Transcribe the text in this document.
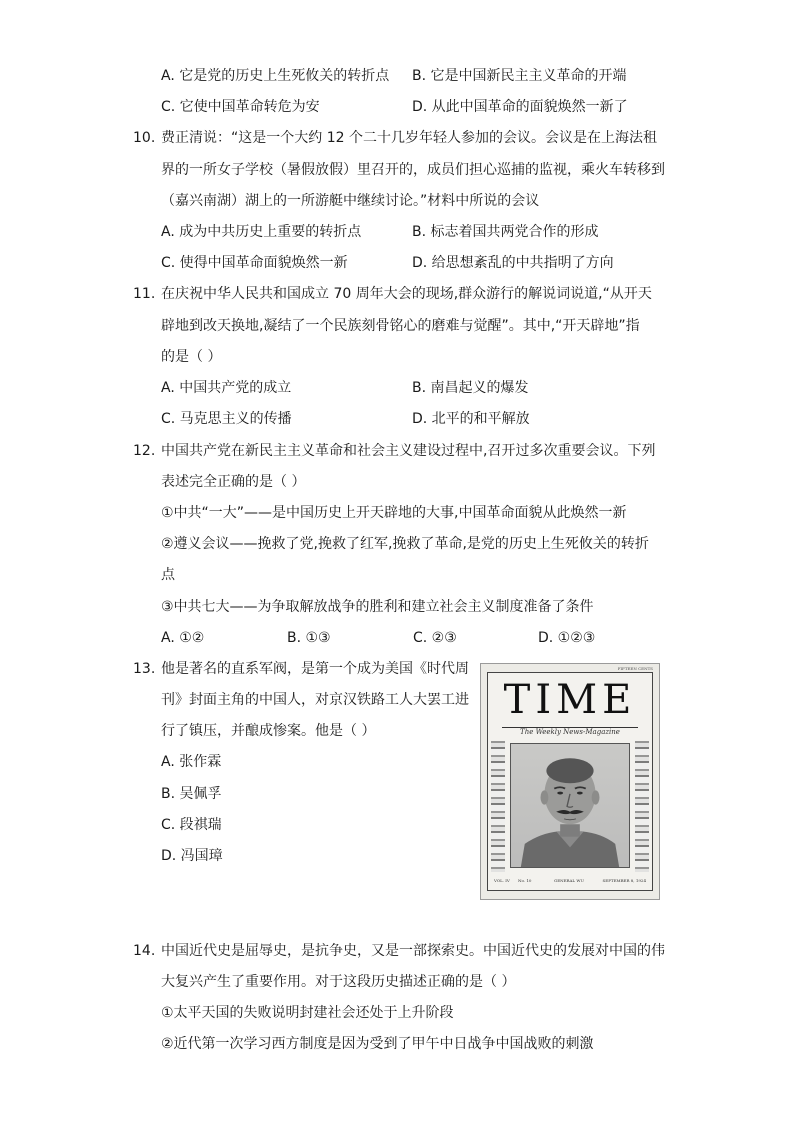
A. 它是党的历史上生死攸关的转折点 B. 它是中国新民主主义革命的开端
C. 它使中国革命转危为安	D. 从此中国革命的面貌焕然一新了
10. 费正清说：“这是一个大约 12 个二十几岁年轻人参加的会议。会议是在上海法租
界的一所女子学校（暑假放假）里召开的，成员们担心巡捕的监视，乘火车转移到
（嘉兴南湖）湖上的一所游艇中继续讨论。”材料中所说的会议
A. 成为中共历史上重要的转折点	B. 标志着国共两党合作的形成
C. 使得中国革命面貌焕然一新	D. 给思想紊乱的中共指明了方向
11. 在庆祝中华人民共和国成立 70 周年大会的现场,群众游行的解说词说道,“从开天
辟地到改天换地,凝结了一个民族刻骨铭心的磨难与觉醒”。其中,“开天辟地”指
的是（ ）
A. 中国共产党的成立	B. 南昌起义的爆发
C. 马克思主义的传播	D. 北平的和平解放
12. 中国共产党在新民主主义革命和社会主义建设过程中,召开过多次重要会议。下列
表述完全正确的是（ ）
①中共“一大”——是中国历史上开天辟地的大事,中国革命面貌从此焕然一新
②遵义会议——挽救了党,挽救了红军,挽救了革命,是党的历史上生死攸关的转折
点
③中共七大——为争取解放战争的胜利和建立社会主义制度准备了条件
A. ①②	B. ①③	C. ②③	D. ①②③
13. 他是著名的直系军阀，是第一个成为美国《时代周
刊》封面主角的中国人，对京汉铁路工人大罢工进
行了镇压，并酿成惨案。他是（ ）
A. 张作霖
B. 吴佩孚
C. 段祺瑞
D. 冯国璋
FIFTEEN CENTS
TIME
The Weekly News-Magazine
VOL. IV No. 10	GENERAL WU	SEPTEMBER 8, 1924
14. 中国近代史是屈辱史，是抗争史，又是一部探索史。中国近代史的发展对中国的伟
大复兴产生了重要作用。对于这段历史描述正确的是（ ）
①太平天国的失败说明封建社会还处于上升阶段
②近代第一次学习西方制度是因为受到了甲午中日战争中国战败的刺激
